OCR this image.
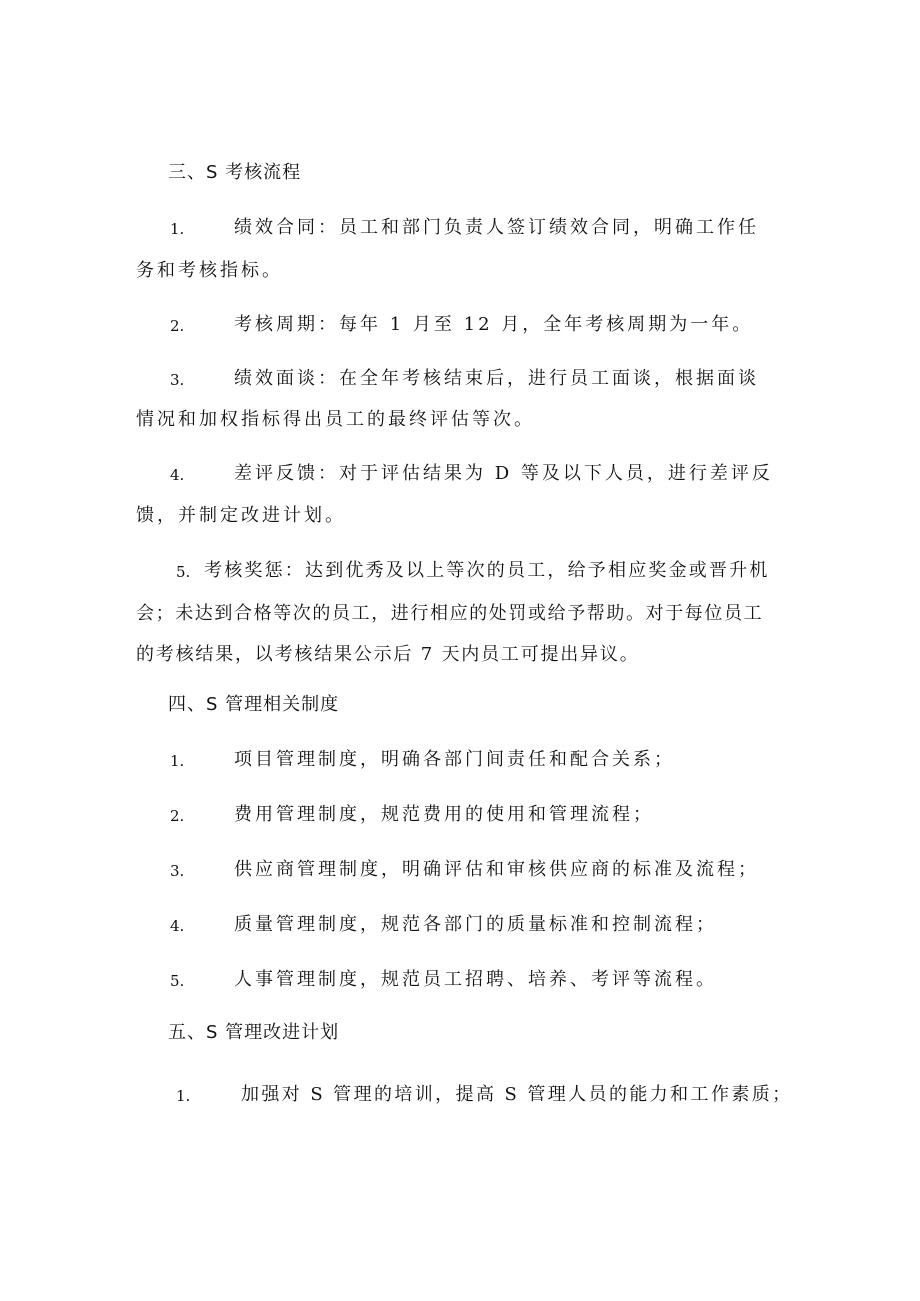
三、S 考核流程
1.	绩效合同：员工和部门负责人签订绩效合同，明确工作任
务和考核指标。
2.	考核周期：每年 1 月至 12 月，全年考核周期为一年。
3.	绩效面谈：在全年考核结束后，进行员工面谈，根据面谈
情况和加权指标得出员工的最终评估等次。
4.	差评反馈：对于评估结果为 D 等及以下人员，进行差评反
馈，并制定改进计划。
5. 考核奖惩：达到优秀及以上等次的员工，给予相应奖金或晋升机
会；未达到合格等次的员工，进行相应的处罚或给予帮助。对于每位员工
的考核结果，以考核结果公示后 7 天内员工可提出异议。
四、S 管理相关制度
1.	项目管理制度，明确各部门间责任和配合关系；
2.	费用管理制度，规范费用的使用和管理流程；
3.	供应商管理制度，明确评估和审核供应商的标准及流程；
4.	质量管理制度，规范各部门的质量标准和控制流程；
5.	人事管理制度，规范员工招聘、培养、考评等流程。
五、S 管理改进计划
1.	加强对 S 管理的培训，提高 S 管理人员的能力和工作素质；
